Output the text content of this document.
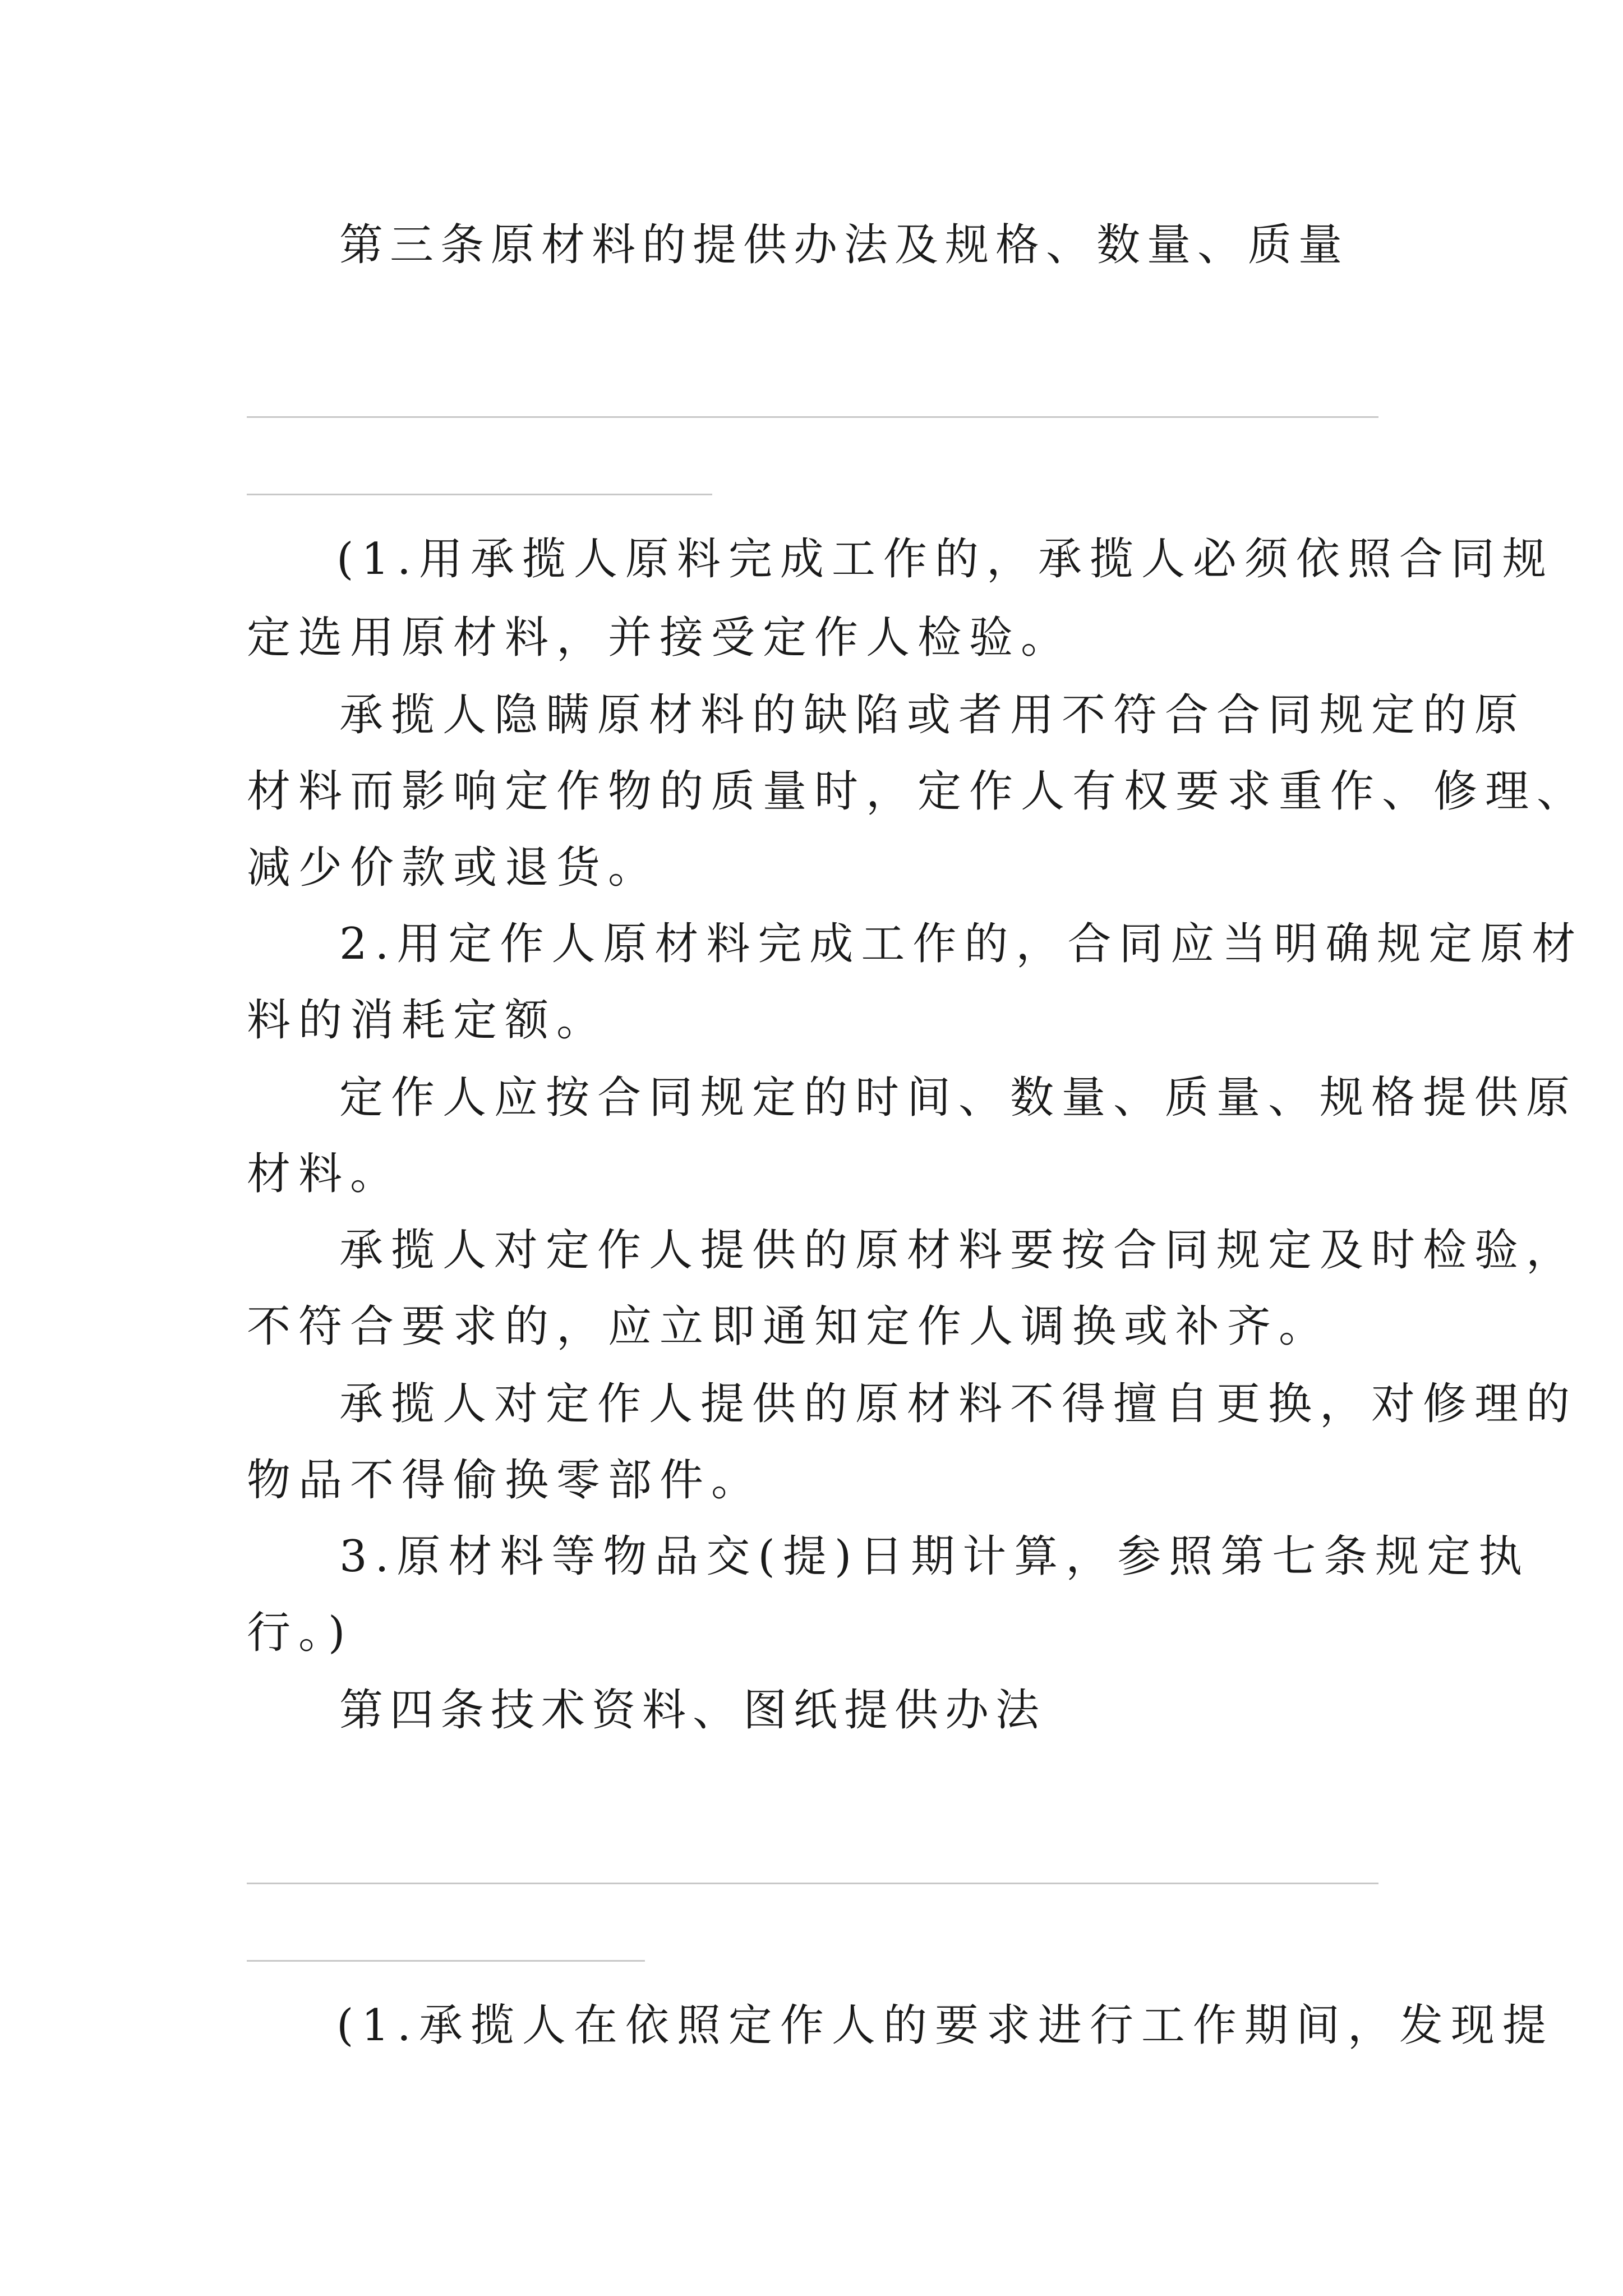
第三条原材料的提供办法及规格、数量、质量
(1.用承揽人原料完成工作的，承揽人必须依照合同规
定选用原材料，并接受定作人检验。
承揽人隐瞒原材料的缺陷或者用不符合合同规定的原
材料而影响定作物的质量时，定作人有权要求重作、修理、
减少价款或退货。
2.用定作人原材料完成工作的，合同应当明确规定原材
料的消耗定额。
定作人应按合同规定的时间、数量、质量、规格提供原
材料。
承揽人对定作人提供的原材料要按合同规定及时检验，
不符合要求的，应立即通知定作人调换或补齐。
承揽人对定作人提供的原材料不得擅自更换，对修理的
物品不得偷换零部件。
3.原材料等物品交(提)日期计算，参照第七条规定执
行。)
第四条技术资料、图纸提供办法
(1.承揽人在依照定作人的要求进行工作期间，发现提
